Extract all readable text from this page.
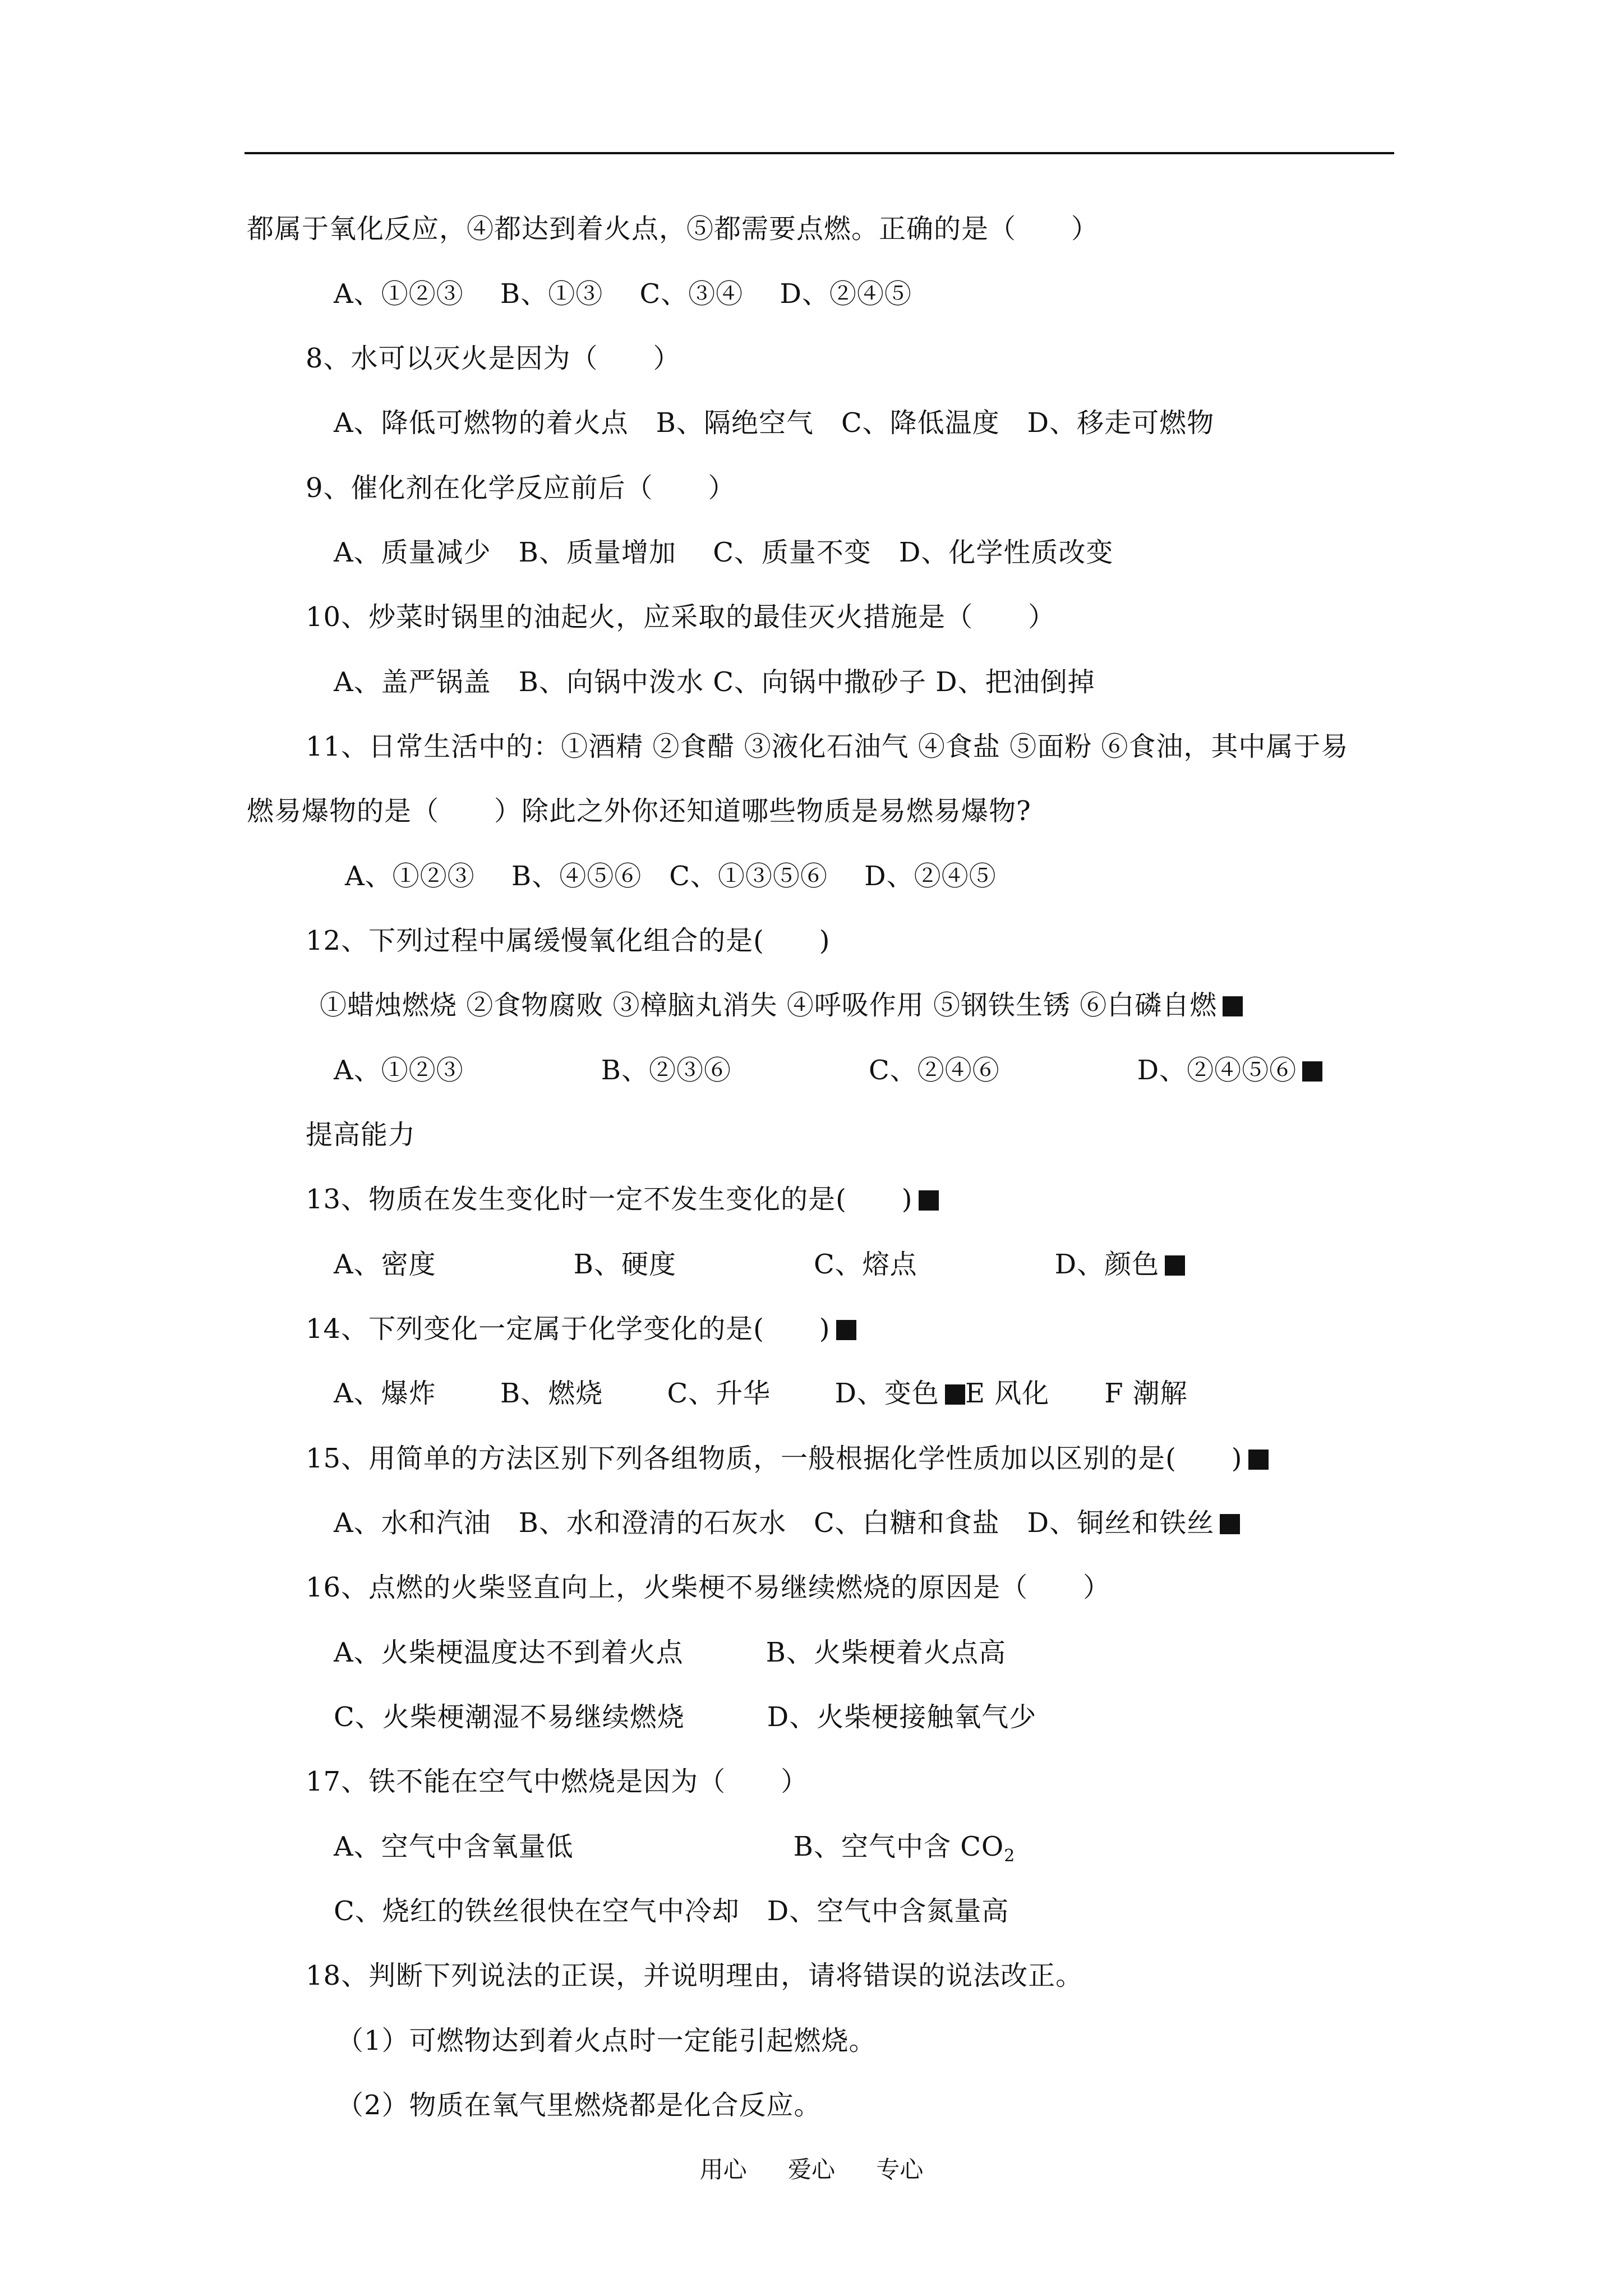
都属于氧化反应，④都达到着火点，⑤都需要点燃。正确的是（　　）
A、①②③　 B、①③　 C、③④　 D、②④⑤
8、水可以灭火是因为（　　）
A、降低可燃物的着火点　B、隔绝空气　C、降低温度　D、移走可燃物
9、催化剂在化学反应前后（　　）
A、质量减少　B、质量增加　 C、质量不变　D、化学性质改变
10、炒菜时锅里的油起火，应采取的最佳灭火措施是（　　）
A、盖严锅盖　B、向锅中泼水 C、向锅中撒砂子 D、把油倒掉
11、日常生活中的：①酒精 ②食醋 ③液化石油气 ④食盐 ⑤面粉 ⑥食油，其中属于易
燃易爆物的是（　　）除此之外你还知道哪些物质是易燃易爆物?
A、①②③　 B、④⑤⑥　C、①③⑤⑥　 D、②④⑤
12、下列过程中属缓慢氧化组合的是(　　)
①蜡烛燃烧 ②食物腐败 ③樟脑丸消失 ④呼吸作用 ⑤钢铁生锈 ⑥白磷自燃
A、①②③　　　　　B、②③⑥　　　　　C、②④⑥　　　　　D、②④⑤⑥
提高能力
13、物质在发生变化时一定不发生变化的是(　　)
A、密度　　　　　B、硬度　　　　　C、熔点　　　　　D、颜色
14、下列变化一定属于化学变化的是(　　)
A、爆炸　　 B、燃烧　　 C、升华　　 D、变色 E 风化　　F 潮解
15、用简单的方法区别下列各组物质，一般根据化学性质加以区别的是(　　)
A、水和汽油　B、水和澄清的石灰水　C、白糖和食盐　D、铜丝和铁丝
16、点燃的火柴竖直向上，火柴梗不易继续燃烧的原因是（　　）
A、火柴梗温度达不到着火点　　　B、火柴梗着火点高
C、火柴梗潮湿不易继续燃烧　　　D、火柴梗接触氧气少
17、铁不能在空气中燃烧是因为（　　）
A、空气中含氧量低　　　　　　　　B、空气中含 $CO_2$
C、烧红的铁丝很快在空气中冷却　D、空气中含氮量高
18、判断下列说法的正误，并说明理由，请将错误的说法改正。
（1）可燃物达到着火点时一定能引起燃烧。
（2）物质在氧气里燃烧都是化合反应。
用心 爱心 专心
